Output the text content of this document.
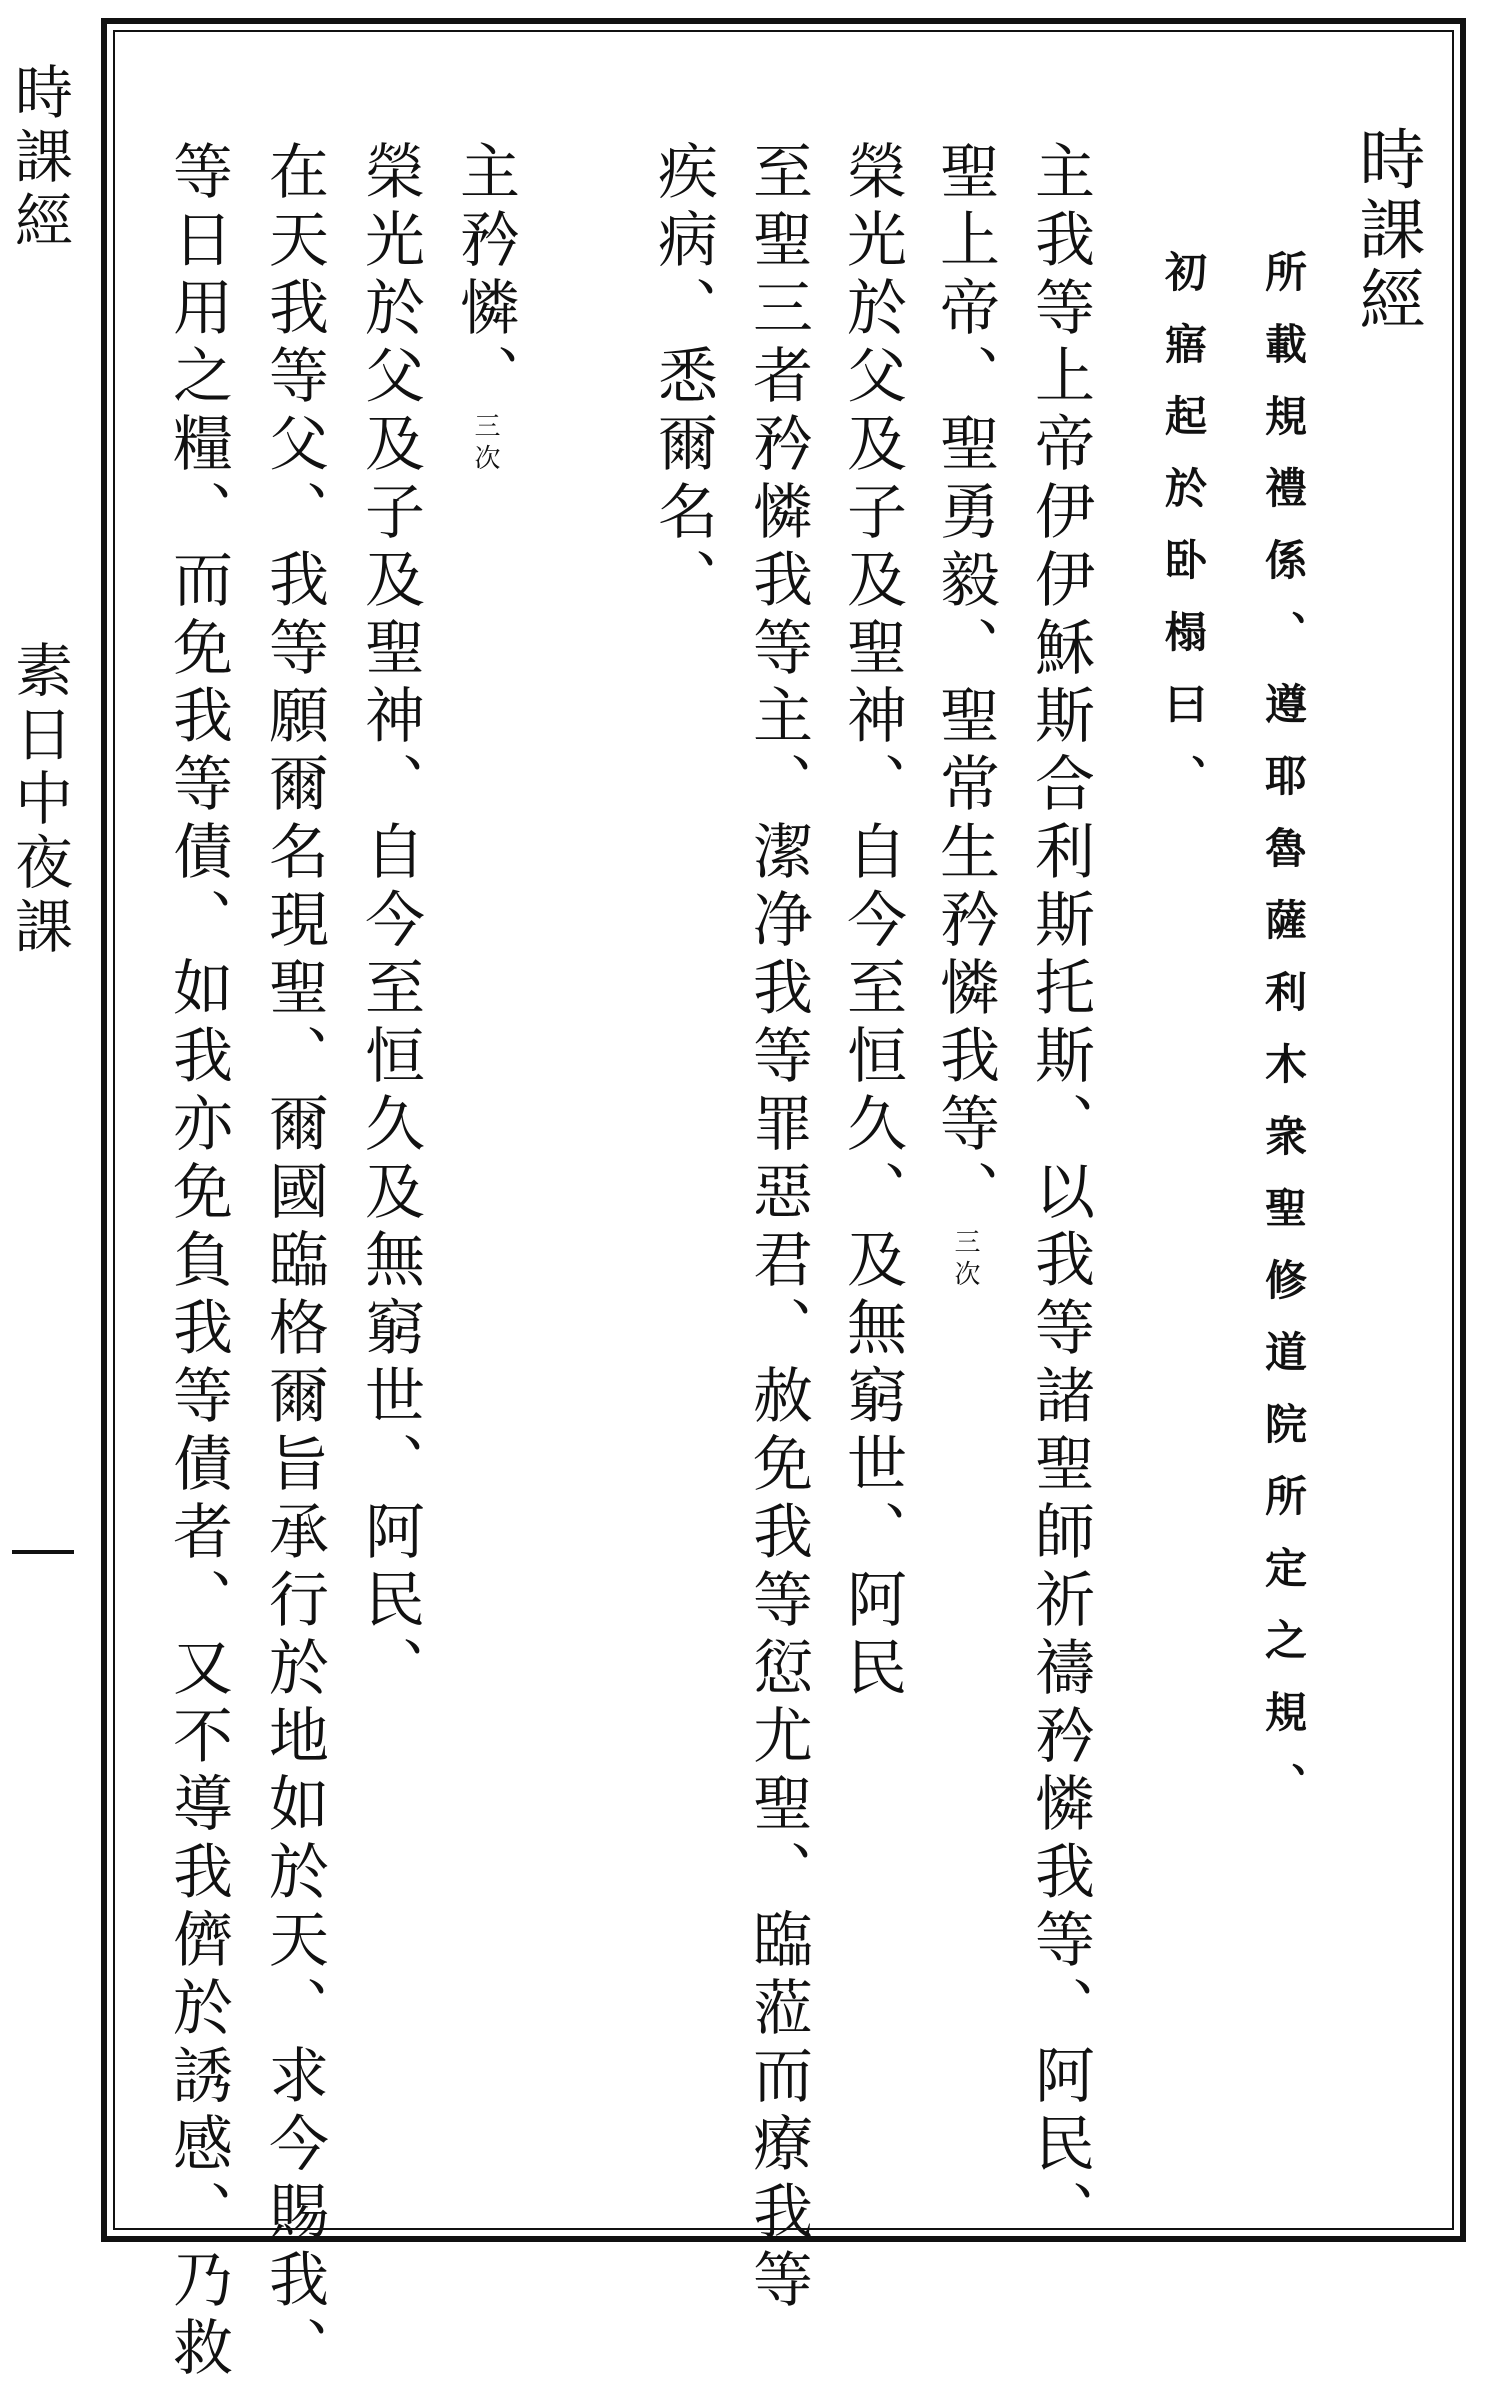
時課經
素日中夜課
時課經
所載規禮係、遵耶魯薩利木衆聖修道院所定之規、
初寤起於卧榻曰、
主我等上帝伊伊穌斯合利斯托斯、以我等諸聖師祈禱矜憐我等、阿民、
聖上帝、聖勇毅、聖常生矜憐我等、三次
榮光於父及子及聖神、自今至恒久、及無窮世、阿民
至聖三者矜憐我等主、潔净我等罪惡君、赦免我等愆尤聖、臨蒞而療我等
疾病、悉爾名、
主矜憐、三次
榮光於父及子及聖神、自今至恒久及無窮世、阿民、
在天我等父、我等願爾名現聖、爾國臨格爾旨承行於地如於天、求今賜我、
等日用之糧、而免我等債、如我亦免負我等債者、又不導我儕於誘感、乃救
